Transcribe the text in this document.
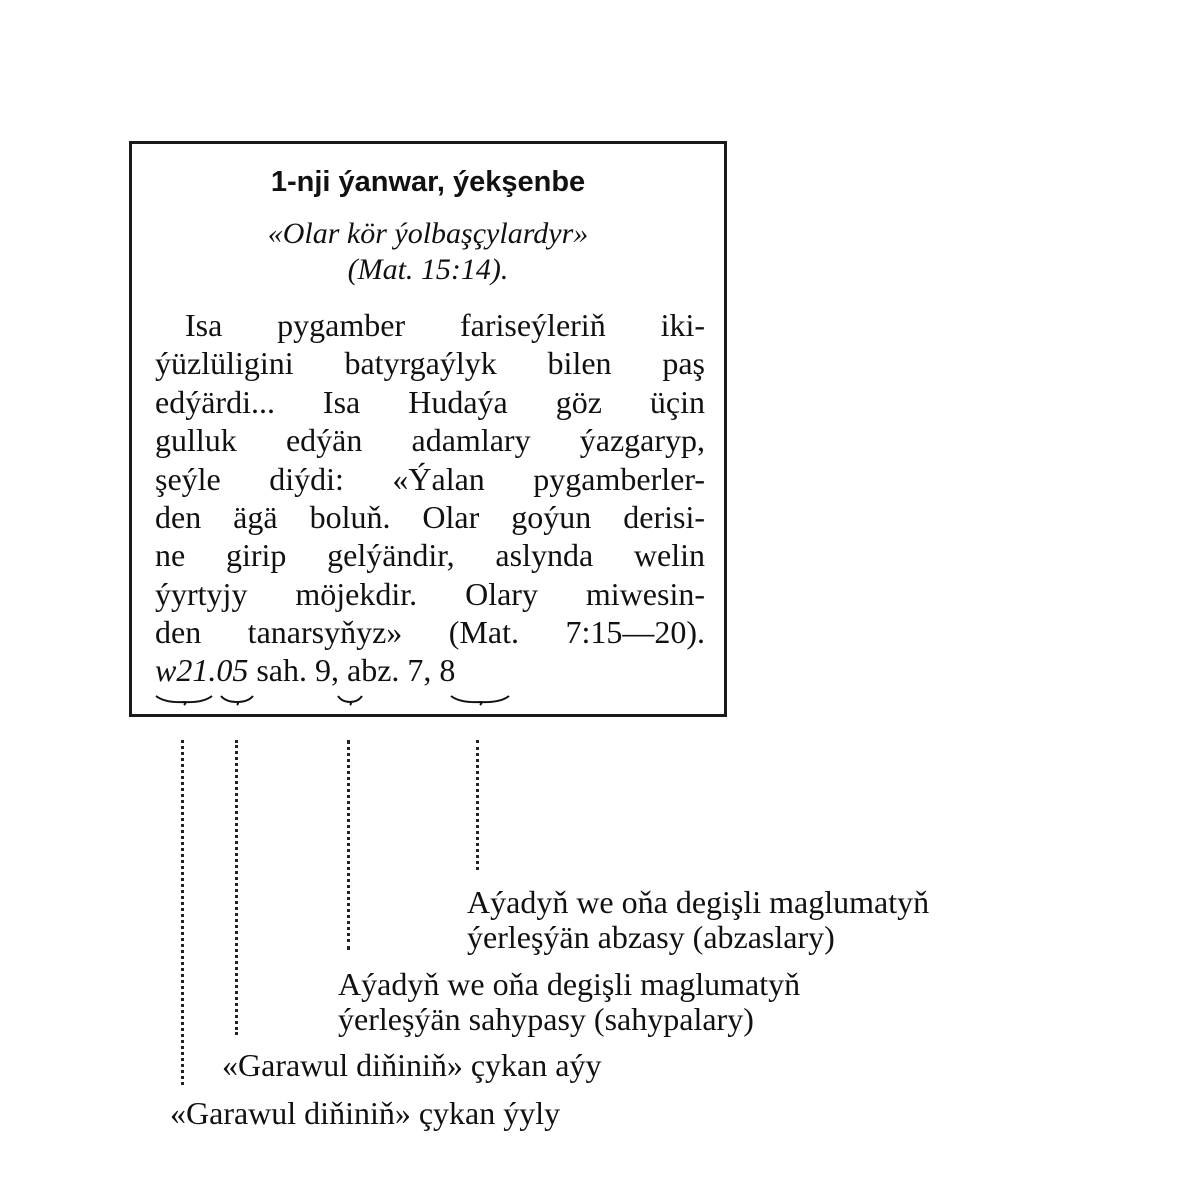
1-nji ýanwar, ýekşenbe
«Olar kör ýolbaşçylardyr»
(Mat. 15:14).
Isa pygamber fariseýleriň iki-
ýüzlüligini batyrgaýlyk bilen paş
edýärdi... Isa Hudaýa göz üçin
gulluk edýän adamlary ýazgaryp,
şeýle diýdi: «Ýalan pygamberler-
den ägä boluň. Olar goýun derisi-
ne girip gelýändir, aslynda welin
ýyrtyjy möjekdir. Olary miwesin-
den tanarsyňyz» (Mat. 7:15—20).
w21.05 sah. 9, abz. 7, 8
Aýadyň we oňa degişli maglumatyň
ýerleşýän abzasy (abzaslary)
Aýadyň we oňa degişli maglumatyň
ýerleşýän sahypasy (sahypalary)
«Garawul diňiniň» çykan aýy
«Garawul diňiniň» çykan ýyly
